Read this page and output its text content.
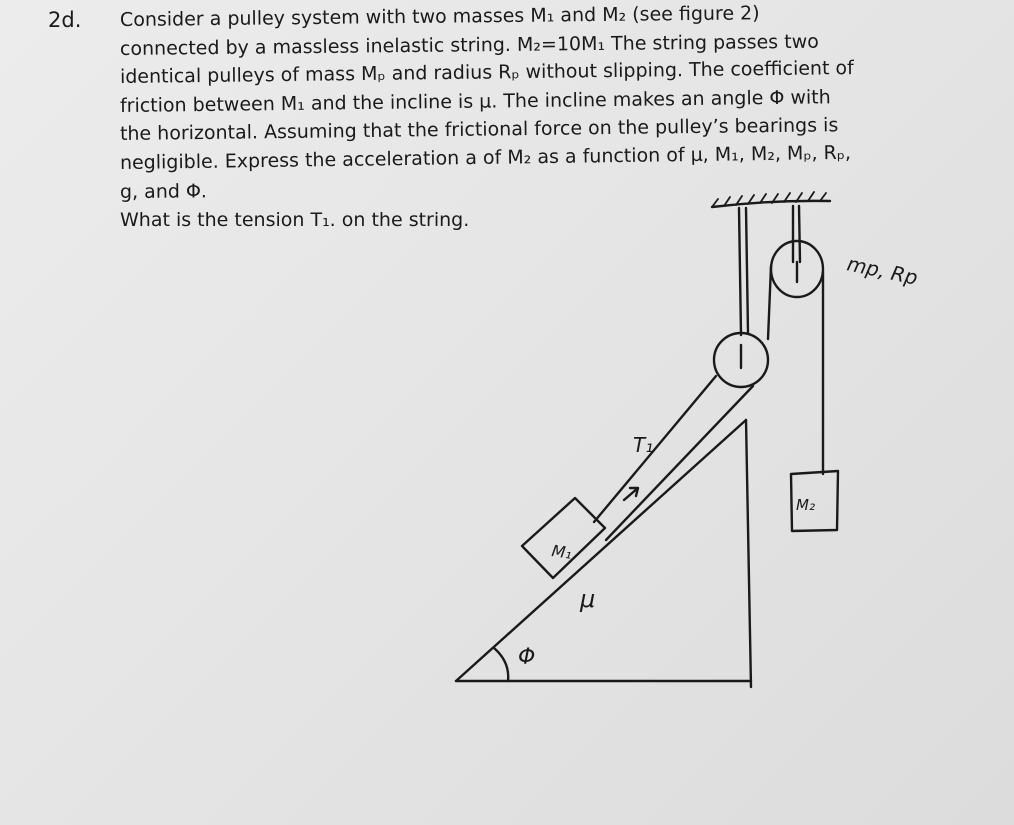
2d. Consider a pulley system with two masses M₁ and M₂ (see figure 2)
connected by a massless inelastic string. M₂=10M₁ The string passes two
identical pulleys of mass Mₚ and radius Rₚ without slipping. The coefficient of
friction between M₁ and the incline is μ. The incline makes an angle Φ with
the horizontal. Assuming that the frictional force on the pulley’s bearings is
negligible. Express the acceleration a of M₂ as a function of μ, M₁, M₂, Mₚ, Rₚ,
g, and Φ.
What is the tension T₁. on the string.
mp, Rp
T₁
M₂
M₁
μ
Φ
